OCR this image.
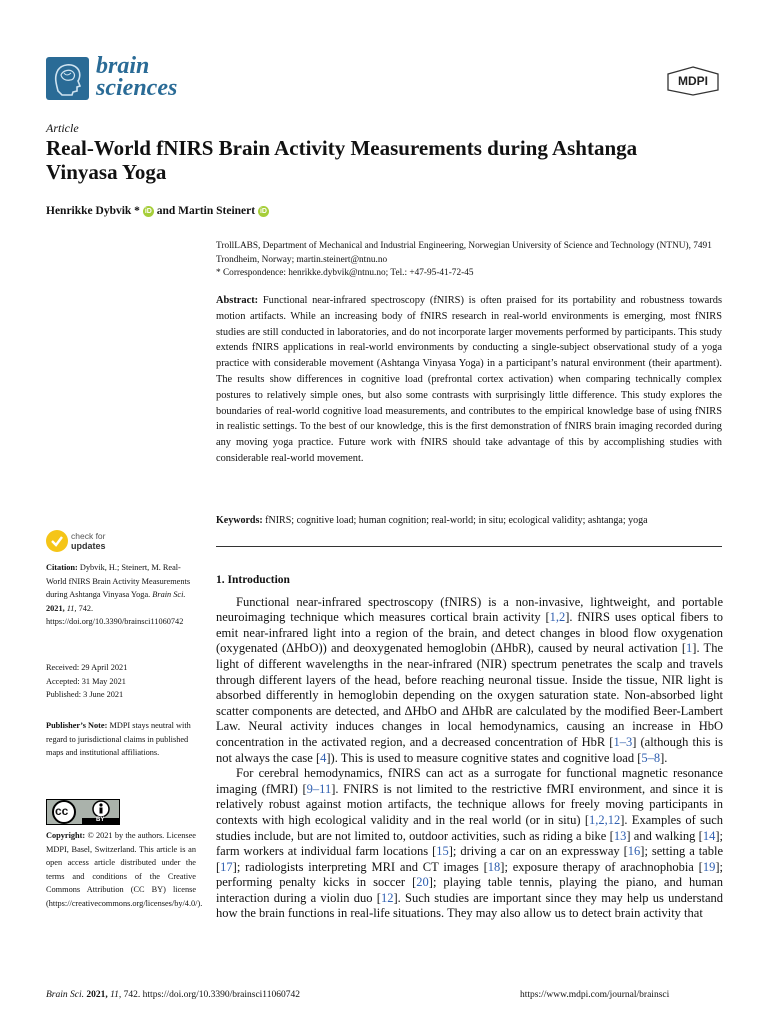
brain
sciences	MDPI
Article
Real-World fNIRS Brain Activity Measurements during Ashtanga Vinyasa Yoga
Henrikke Dybvik * iD and Martin Steinert iD
TrollLABS, Department of Mechanical and Industrial Engineering, Norwegian University of Science and Technology (NTNU), 7491 Trondheim, Norway; martin.steinert@ntnu.no
* Correspondence: henrikke.dybvik@ntnu.no; Tel.: +47-95-41-72-45
Abstract: Functional near-infrared spectroscopy (fNIRS) is often praised for its portability and robustness towards motion artifacts. While an increasing body of fNIRS research in real-world environments is emerging, most fNIRS studies are still conducted in laboratories, and do not incorporate larger movements performed by participants. This study extends fNIRS applications in real-world environments by conducting a single-subject observational study of a yoga practice with considerable movement (Ashtanga Vinyasa Yoga) in a participant’s natural environment (their apartment). The results show differences in cognitive load (prefrontal cortex activation) when comparing technically complex postures to relatively simple ones, but also some contrasts with surprisingly little difference. This study explores the boundaries of real-world cognitive load measurements, and contributes to the empirical knowledge base of using fNIRS in realistic settings. To the best of our knowledge, this is the first demonstration of fNIRS brain imaging recorded during any moving yoga practice. Future work with fNIRS should take advantage of this by accomplishing studies with considerable real-world movement.
Keywords: fNIRS; cognitive load; human cognition; real-world; in situ; ecological validity; ashtanga; yoga
check for
updates
Citation: Dybvik, H.; Steinert, M. Real-World fNIRS Brain Activity Measurements during Ashtanga Vinyasa Yoga. Brain Sci. 2021, 11, 742. https://doi.org/10.3390/brainsci11060742
Received: 29 April 2021
Accepted: 31 May 2021
Published: 3 June 2021
Publisher’s Note: MDPI stays neutral with regard to jurisdictional claims in published maps and institutional affiliations.
cc
BY
Copyright: © 2021 by the authors. Licensee MDPI, Basel, Switzerland. This article is an open access article distributed under the terms and conditions of the Creative Commons Attribution (CC BY) license (https://creativecommons.org/licenses/by/4.0/).
1. Introduction

Functional near-infrared spectroscopy (fNIRS) is a non-invasive, lightweight, and portable neuroimaging technique which measures cortical brain activity [1,2]. fNIRS uses optical fibers to emit near-infrared light into a region of the brain, and detect changes in blood flow oxygenation (oxygenated (ΔHbO)) and deoxygenated hemoglobin (ΔHbR), caused by neural activation [1]. The light of different wavelengths in the near-infrared (NIR) spectrum penetrates the scalp and travels through different layers of the head, before reaching neuronal tissue. Inside the tissue, NIR light is absorbed differently in hemoglobin depending on the oxygen saturation state. Non-absorbed light scatter components are detected, and ΔHbO and ΔHbR are calculated by the modified Beer-Lambert Law. Neural activity induces changes in local hemodynamics, causing an increase in HbO concentration in the activated region, and a decreased concentration of HbR [1–3] (although this is not always the case [4]). This is used to measure cognitive states and cognitive load [5–8].

For cerebral hemodynamics, fNIRS can act as a surrogate for functional magnetic resonance imaging (fMRI) [9–11]. FNIRS is not limited to the restrictive fMRI environment, and since it is relatively robust against motion artifacts, the technique allows for freely moving participants in contexts with high ecological validity and in the real world (or in situ) [1,2,12]. Examples of such studies include, but are not limited to, outdoor activities, such as riding a bike [13] and walking [14]; farm workers at individual farm locations [15]; driving a car on an expressway [16]; setting a table [17]; radiologists interpreting MRI and CT images [18]; exposure therapy of arachnophobia [19]; performing penalty kicks in soccer [20]; playing table tennis, playing the piano, and human interaction during a violin duo [12]. Such studies are important since they may help us understand how the brain functions in real-life situations. They may also allow us to detect brain activity that

Brain Sci. 2021, 11, 742. https://doi.org/10.3390/brainsci11060742	https://www.mdpi.com/journal/brainsci
